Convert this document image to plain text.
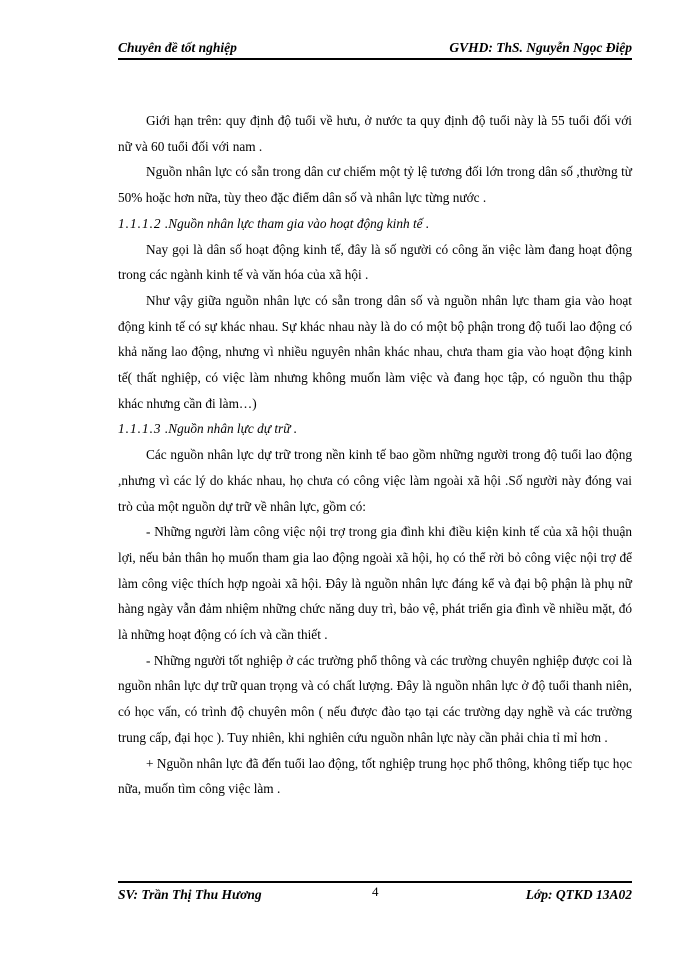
Chuyên đề tốt nghiệp	GVHD: ThS. Nguyễn Ngọc Điệp

Giới hạn trên: quy định độ tuổi về hưu, ở nước ta quy định độ tuổi này là 55 tuổi đối với nữ và 60 tuổi đối với nam .

Nguồn nhân lực có sẵn trong dân cư chiếm một tỷ lệ tương đối lớn trong dân số ,thường từ 50% hoặc hơn nữa, tùy theo đặc điểm dân số và nhân lực từng nước .

1.1.1.2 .Nguồn nhân lực tham gia vào hoạt động kinh tế .

Nay gọi là dân số hoạt động kinh tế, đây là số người có công ăn việc làm đang hoạt động trong các ngành kinh tế và văn hóa của xã hội .

Như vậy giữa nguồn nhân lực có sẵn trong dân số và nguồn nhân lực tham gia vào hoạt động kinh tế có sự khác nhau. Sự khác nhau này là do có một bộ phận trong độ tuổi lao động có khả năng lao động, nhưng vì nhiều nguyên nhân khác nhau, chưa tham gia vào hoạt động kinh tế( thất nghiệp, có việc làm nhưng không muốn làm việc và đang học tập, có nguồn thu thập khác nhưng cần đi làm…)

1.1.1.3 .Nguồn nhân lực dự trữ .

Các nguồn nhân lực dự trữ trong nền kinh tế bao gồm những người trong độ tuổi lao động ,nhưng vì các lý do khác nhau, họ chưa có công việc làm ngoài xã hội .Số người này đóng vai trò của một nguồn dự trữ về nhân lực, gồm có:

- Những người làm công việc nội trợ trong gia đình khi điều kiện kinh tế của xã hội thuận lợi, nếu bản thân họ muốn tham gia lao động ngoài xã hội, họ có thể rời bỏ công việc nội trợ để làm công việc thích hợp ngoài xã hội. Đây là nguồn nhân lực đáng kể và đại bộ phận là phụ nữ hàng ngày vẫn đảm nhiệm những chức năng duy trì, bảo vệ, phát triển gia đình về nhiều mặt, đó là những hoạt động có ích và cần thiết .

- Những người tốt nghiệp ở các trường phổ thông và các trường chuyên nghiệp được coi là nguồn nhân lực dự trữ quan trọng và có chất lượng. Đây là nguồn nhân lực ở độ tuổi thanh niên, có học vấn, có trình độ chuyên môn ( nếu được đào tạo tại các trường dạy nghề và các trường trung cấp, đại học ). Tuy nhiên, khi nghiên cứu nguồn nhân lực này cần phải chia tỉ mỉ hơn .

+ Nguồn nhân lực đã đến tuổi lao động, tốt nghiệp trung học phổ thông, không tiếp tục học nữa, muốn tìm công việc làm .

SV: Trần Thị Thu Hương	4	Lớp: QTKD 13A02
